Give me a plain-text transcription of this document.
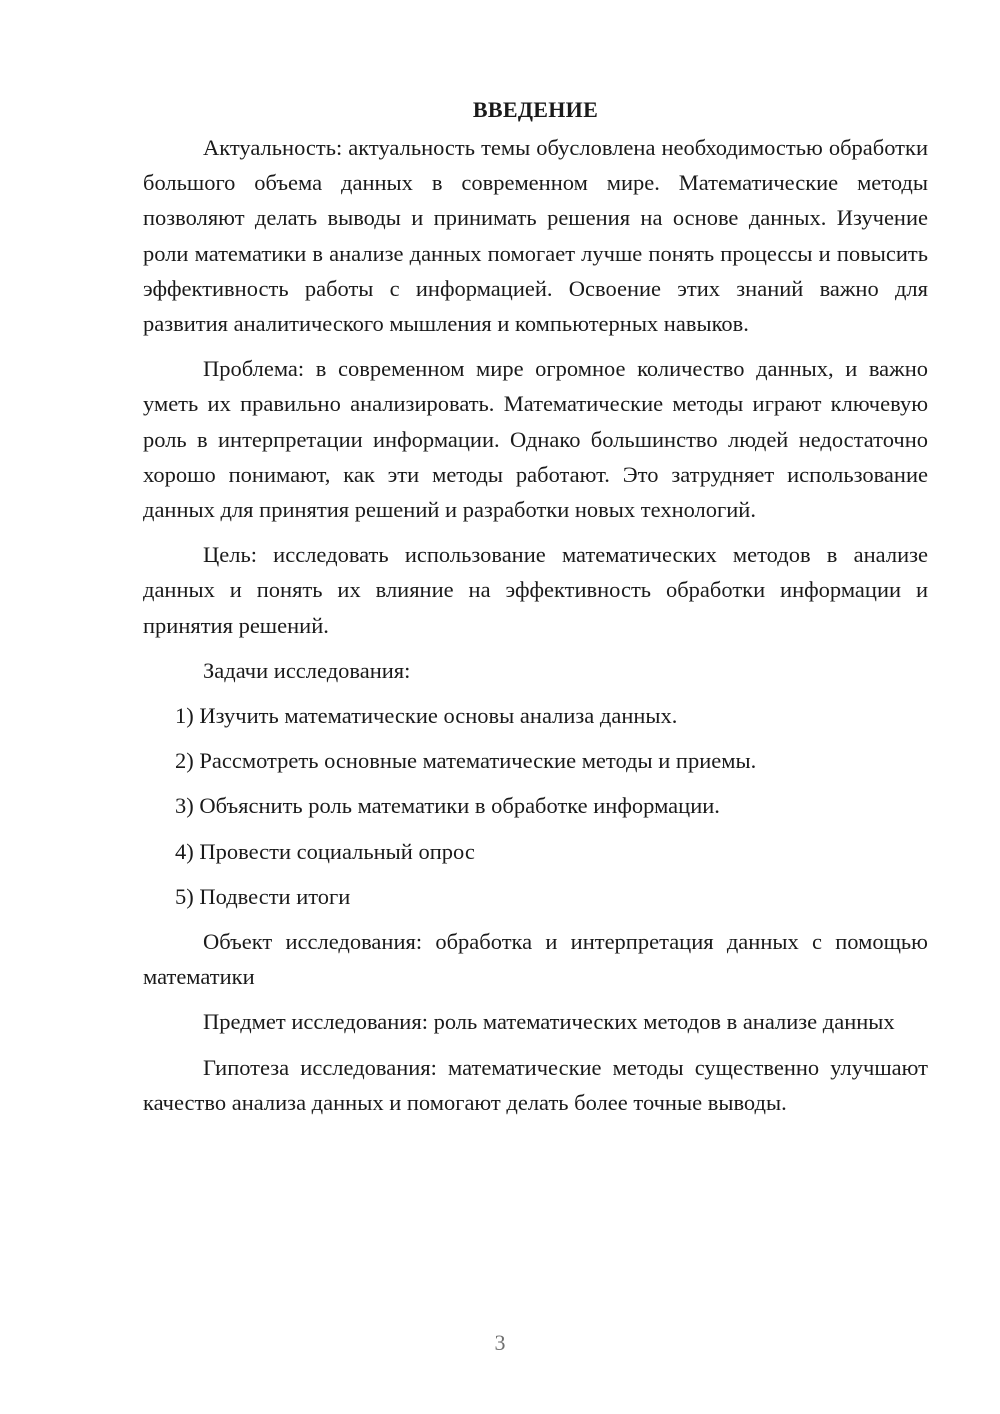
ВВЕДЕНИЕ

Актуальность: актуальность темы обусловлена необходимостью обработки большого объема данных в современном мире. Математические методы позволяют делать выводы и принимать решения на основе данных. Изучение роли математики в анализе данных помогает лучше понять процессы и повысить эффективность работы с информацией. Освоение этих знаний важно для развития аналитического мышления и компьютерных навыков.

Проблема: в современном мире огромное количество данных, и важно уметь их правильно анализировать. Математические методы играют ключевую роль в интерпретации информации. Однако большинство людей недостаточно хорошо понимают, как эти методы работают. Это затрудняет использование данных для принятия решений и разработки новых технологий.

Цель: исследовать использование математических методов в анализе данных и понять их влияние на эффективность обработки информации и принятия решений.

Задачи исследования:

1) Изучить математические основы анализа данных.
2) Рассмотреть основные математические методы и приемы.
3) Объяснить роль математики в обработке информации.
4) Провести социальный опрос
5) Подвести итоги

Объект исследования: обработка и интерпретация данных с помощью математики

Предмет исследования: роль математических методов в анализе данных

Гипотеза исследования: математические методы существенно улучшают качество анализа данных и помогают делать более точные выводы.

3
